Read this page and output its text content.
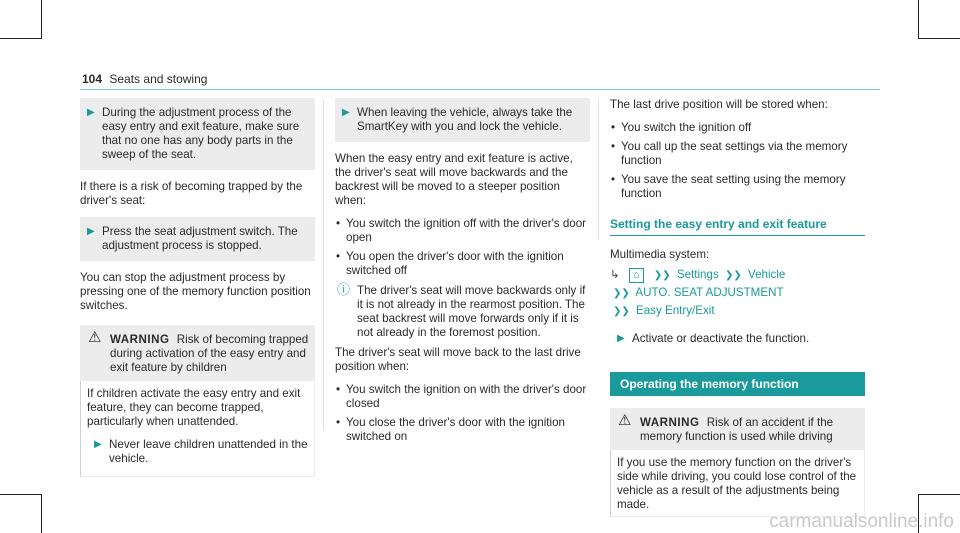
104 Seats and stowing
▶ During the adjustment process of the easy entry and exit feature, make sure that no one has any body parts in the sweep of the seat.

If there is a risk of becoming trapped by the driver's seat:

▶ Press the seat adjustment switch. The adjustment process is stopped.

You can stop the adjustment process by pressing one of the memory function position switches.

⚠ WARNING Risk of becoming trapped during activation of the easy entry and exit feature by children

If children activate the easy entry and exit feature, they can become trapped, particularly when unattended.

▶ Never leave children unattended in the vehicle.
▶ When leaving the vehicle, always take the SmartKey with you and lock the vehicle.

When the easy entry and exit feature is active, the driver's seat will move backwards and the backrest will be moved to a steeper position when:

• You switch the ignition off with the driver's door open
• You open the driver's door with the ignition switched off
ⓘ The driver's seat will move backwards only if it is not already in the rearmost position. The seat backrest will move forwards only if it is not already in the foremost position.

The driver's seat will move back to the last drive position when:

• You switch the ignition on with the driver's door closed
• You close the driver's door with the ignition switched on

The last drive position will be stored when:

• You switch the ignition off
• You call up the seat settings via the memory function
• You save the seat setting using the memory function
Setting the easy entry and exit feature
Multimedia system:
↳ ⌂ ❯❯ Settings ❯❯ Vehicle
❯❯ AUTO. SEAT ADJUSTMENT
❯❯ Easy Entry/Exit
▶ Activate or deactivate the function.
Operating the memory function
⚠ WARNING Risk of an accident if the memory function is used while driving

If you use the memory function on the driver's side while driving, you could lose control of the vehicle as a result of the adjustments being made.

carmanualsonline.info
